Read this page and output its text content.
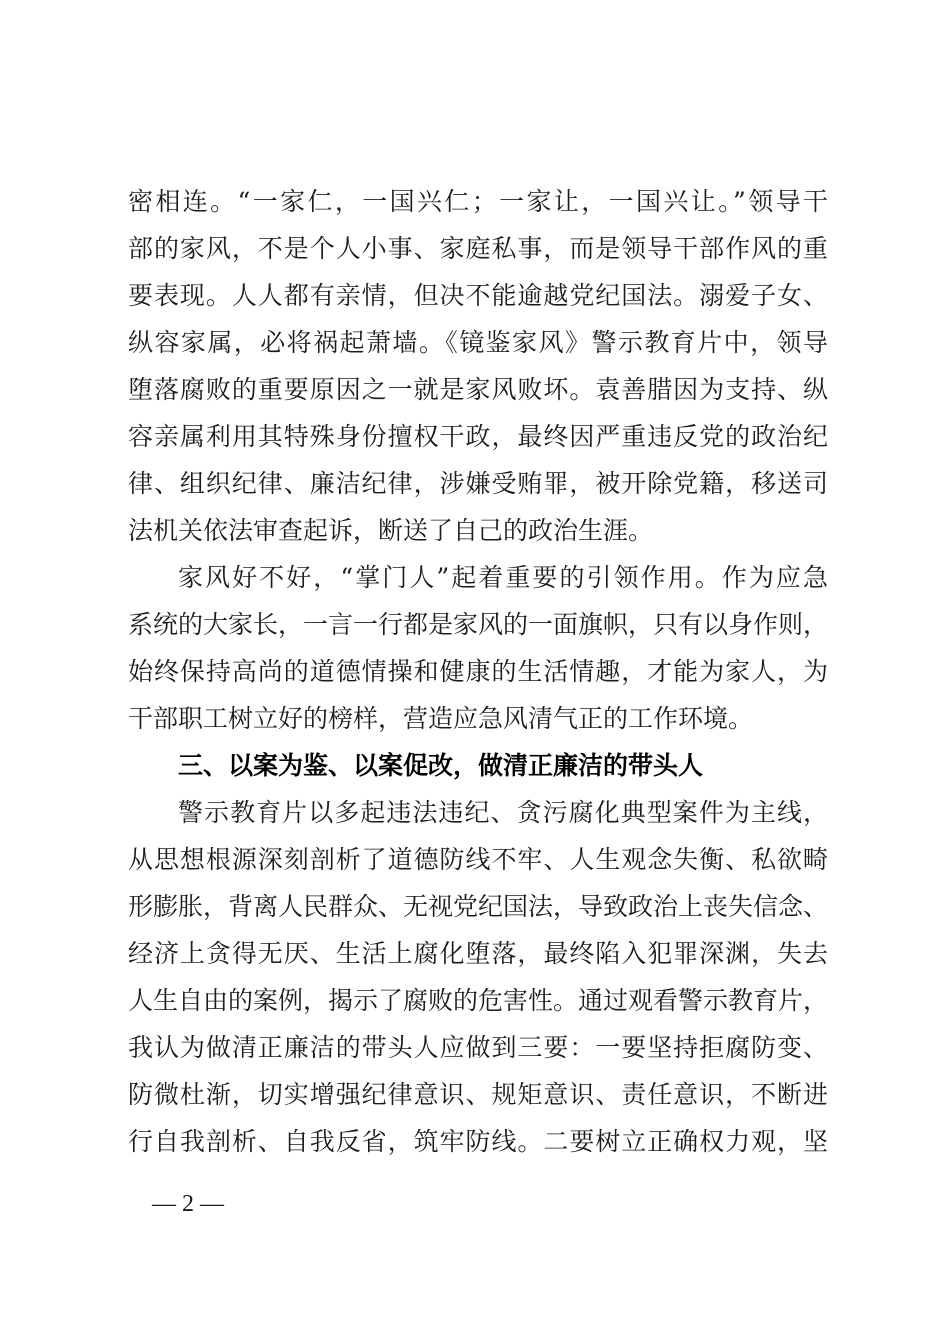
密相连。“一家仁，一国兴仁；一家让，一国兴让。”领导干
部的家风，不是个人小事、家庭私事，而是领导干部作风的重
要表现。人人都有亲情，但决不能逾越党纪国法。溺爱子女、
纵容家属，必将祸起萧墙。《镜鉴家风》警示教育片中，领导
堕落腐败的重要原因之一就是家风败坏。袁善腊因为支持、纵
容亲属利用其特殊身份擅权干政，最终因严重违反党的政治纪
律、组织纪律、廉洁纪律，涉嫌受贿罪，被开除党籍，移送司
法机关依法审查起诉，断送了自己的政治生涯。
家风好不好，“掌门人”起着重要的引领作用。作为应急
系统的大家长，一言一行都是家风的一面旗帜，只有以身作则，
始终保持高尚的道德情操和健康的生活情趣，才能为家人，为
干部职工树立好的榜样，营造应急风清气正的工作环境。
三、以案为鉴、以案促改，做清正廉洁的带头人
警示教育片以多起违法违纪、贪污腐化典型案件为主线，
从思想根源深刻剖析了道德防线不牢、人生观念失衡、私欲畸
形膨胀，背离人民群众、无视党纪国法，导致政治上丧失信念、
经济上贪得无厌、生活上腐化堕落，最终陷入犯罪深渊，失去
人生自由的案例，揭示了腐败的危害性。通过观看警示教育片，
我认为做清正廉洁的带头人应做到三要：一要坚持拒腐防变、
防微杜渐，切实增强纪律意识、规矩意识、责任意识，不断进
行自我剖析、自我反省，筑牢防线。二要树立正确权力观，坚
— 2 —
